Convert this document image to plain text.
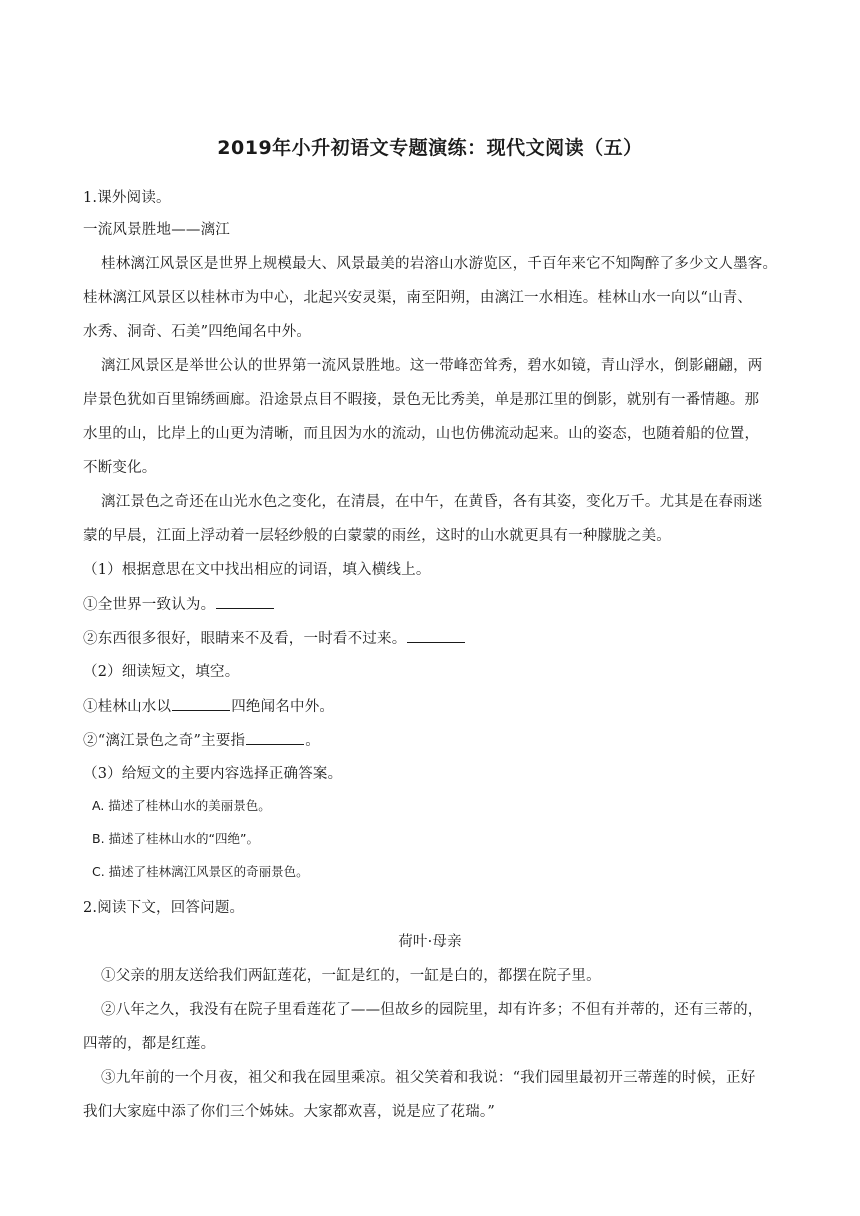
2019年小升初语文专题演练：现代文阅读（五）
1.课外阅读。
一流风景胜地——漓江
桂林漓江风景区是世界上规模最大、风景最美的岩溶山水游览区，千百年来它不知陶醉了多少文人墨客。
桂林漓江风景区以桂林市为中心，北起兴安灵渠，南至阳朔，由漓江一水相连。桂林山水一向以“山青、
水秀、洞奇、石美”四绝闻名中外。
漓江风景区是举世公认的世界第一流风景胜地。这一带峰峦耸秀，碧水如镜，青山浮水，倒影翩翩，两
岸景色犹如百里锦绣画廊。沿途景点目不暇接，景色无比秀美，单是那江里的倒影，就别有一番情趣。那
水里的山，比岸上的山更为清晰，而且因为水的流动，山也仿佛流动起来。山的姿态，也随着船的位置，
不断变化。
漓江景色之奇还在山光水色之变化，在清晨，在中午，在黄昏，各有其姿，变化万千。尤其是在春雨迷
蒙的早晨，江面上浮动着一层轻纱般的白蒙蒙的雨丝，这时的山水就更具有一种朦胧之美。
（1）根据意思在文中找出相应的词语，填入横线上。
①全世界一致认为。
②东西很多很好，眼睛来不及看，一时看不过来。
（2）细读短文，填空。
①桂林山水以	四绝闻名中外。
②“漓江景色之奇”主要指	。
（3）给短文的主要内容选择正确答案。
A. 描述了桂林山水的美丽景色。
B. 描述了桂林山水的“四绝”。
C. 描述了桂林漓江风景区的奇丽景色。
2.阅读下文，回答问题。
荷叶·母亲
①父亲的朋友送给我们两缸莲花，一缸是红的，一缸是白的，都摆在院子里。
②八年之久，我没有在院子里看莲花了——但故乡的园院里，却有许多；不但有并蒂的，还有三蒂的，
四蒂的，都是红莲。
③九年前的一个月夜，祖父和我在园里乘凉。祖父笑着和我说：“我们园里最初开三蒂莲的时候，正好
我们大家庭中添了你们三个姊妹。大家都欢喜，说是应了花瑞。”
